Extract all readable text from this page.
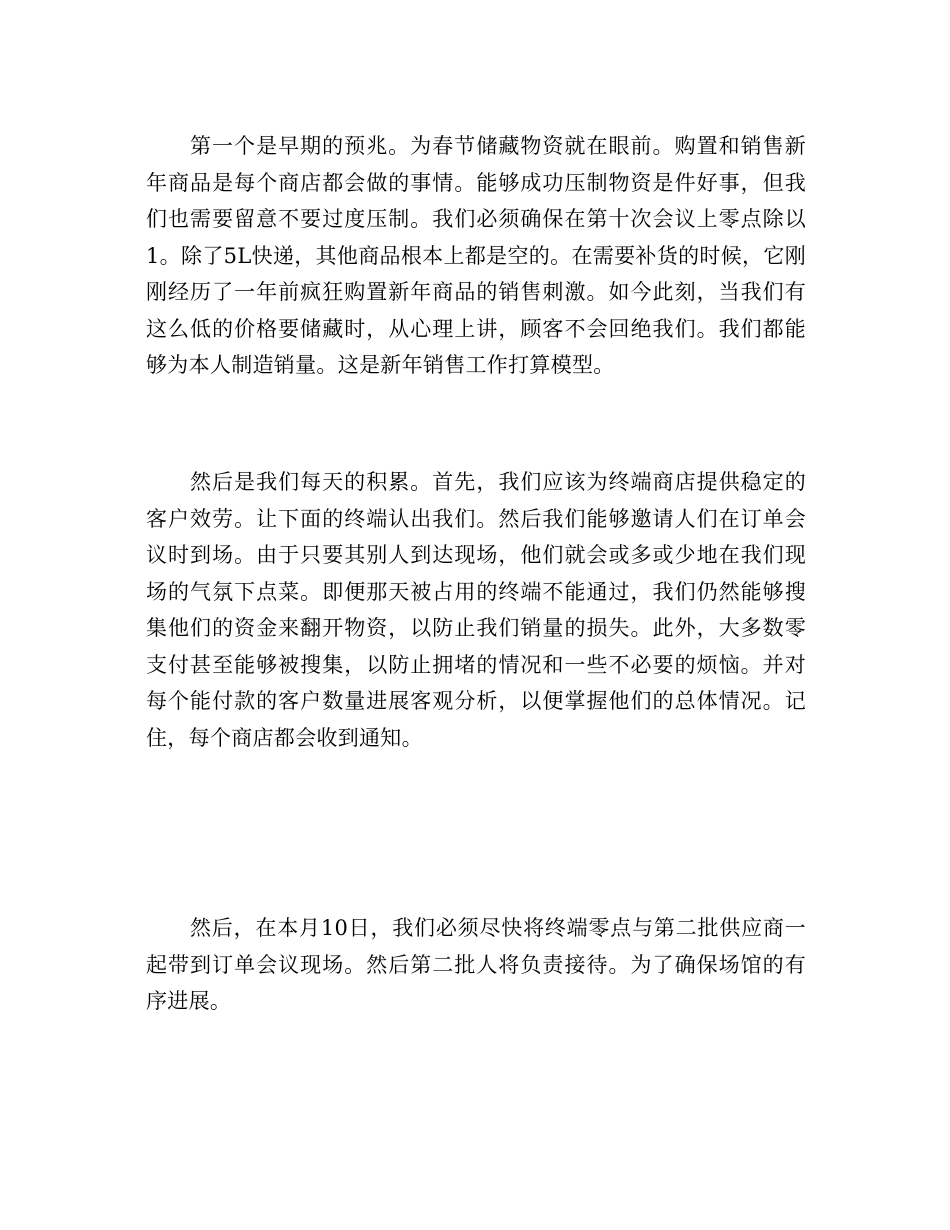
第一个是早期的预兆。为春节储藏物资就在眼前。购置和销售新年商品是每个商店都会做的事情。能够成功压制物资是件好事，但我们也需要留意不要过度压制。我们必须确保在第十次会议上零点除以1。除了5L快递，其他商品根本上都是空的。在需要补货的时候，它刚刚经历了一年前疯狂购置新年商品的销售刺激。如今此刻，当我们有这么低的价格要储藏时，从心理上讲，顾客不会回绝我们。我们都能够为本人制造销量。这是新年销售工作打算模型。

然后是我们每天的积累。首先，我们应该为终端商店提供稳定的客户效劳。让下面的终端认出我们。然后我们能够邀请人们在订单会议时到场。由于只要其别人到达现场，他们就会或多或少地在我们现场的气氛下点菜。即便那天被占用的终端不能通过，我们仍然能够搜集他们的资金来翻开物资，以防止我们销量的损失。此外，大多数零支付甚至能够被搜集，以防止拥堵的情况和一些不必要的烦恼。并对每个能付款的客户数量进展客观分析，以便掌握他们的总体情况。记住，每个商店都会收到通知。

然后，在本月10日，我们必须尽快将终端零点与第二批供应商一起带到订单会议现场。然后第二批人将负责接待。为了确保场馆的有序进展。
